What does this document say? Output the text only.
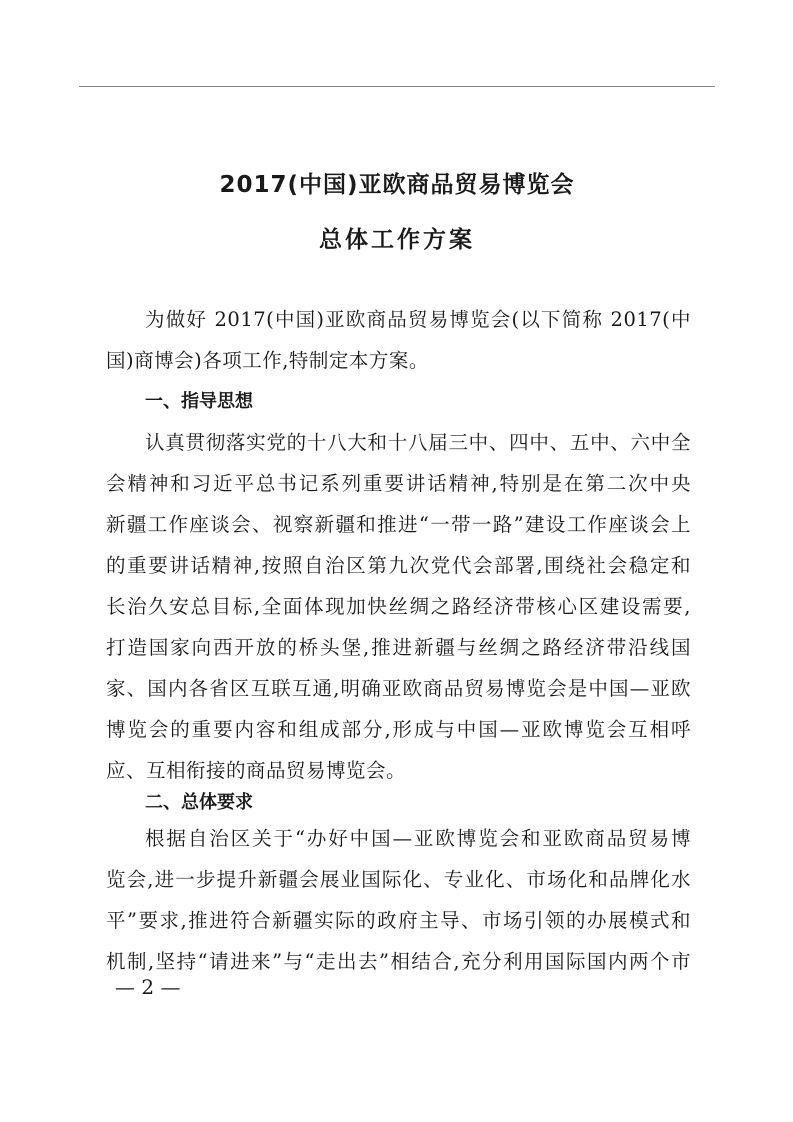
2017(中国)亚欧商品贸易博览会
总体工作方案
为做好 2017(中国)亚欧商品贸易博览会(以下简称 2017(中
国)商博会)各项工作,特制定本方案。
一、指导思想
认真贯彻落实党的十八大和十八届三中、四中、五中、六中全
会精神和习近平总书记系列重要讲话精神,特别是在第二次中央
新疆工作座谈会、视察新疆和推进“一带一路”建设工作座谈会上
的重要讲话精神,按照自治区第九次党代会部署,围绕社会稳定和
长治久安总目标,全面体现加快丝绸之路经济带核心区建设需要,
打造国家向西开放的桥头堡,推进新疆与丝绸之路经济带沿线国
家、国内各省区互联互通,明确亚欧商品贸易博览会是中国—亚欧
博览会的重要内容和组成部分,形成与中国—亚欧博览会互相呼
应、互相衔接的商品贸易博览会。
二、总体要求
根据自治区关于“办好中国—亚欧博览会和亚欧商品贸易博
览会,进一步提升新疆会展业国际化、专业化、市场化和品牌化水
平”要求,推进符合新疆实际的政府主导、市场引领的办展模式和
机制,坚持“请进来”与“走出去”相结合,充分利用国际国内两个市
— 2 —
